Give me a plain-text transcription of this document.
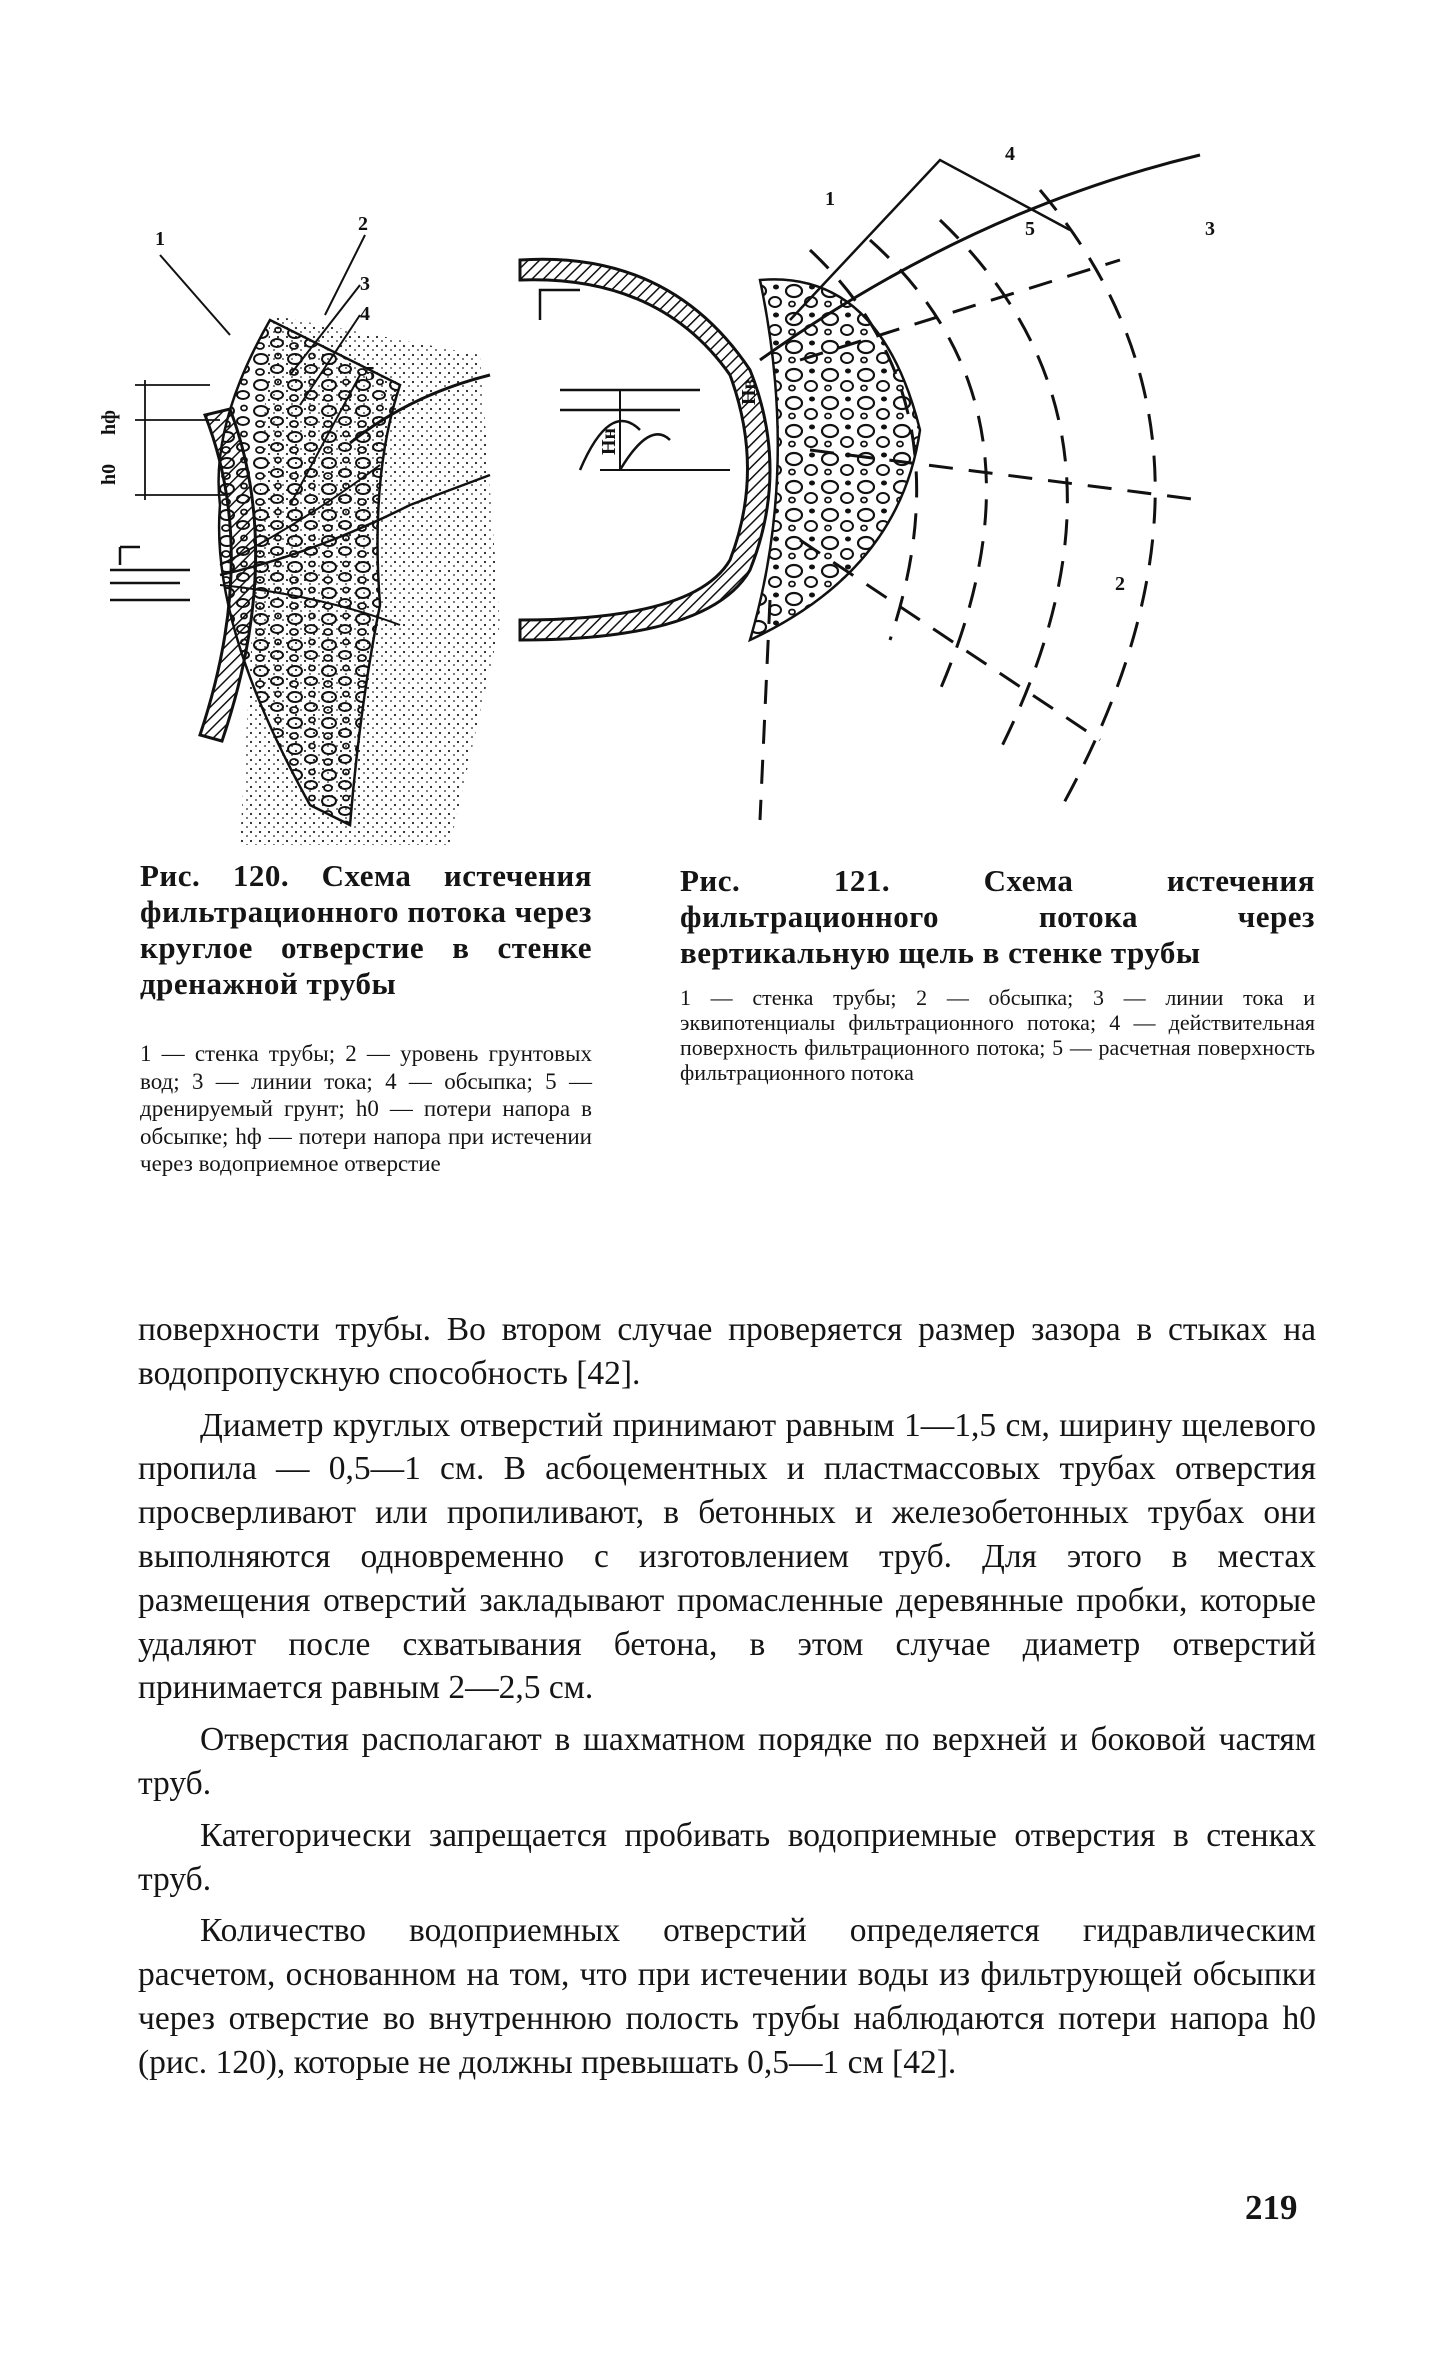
1
2
3
4
5
hф
h0
1
Hв
Hн
4
5	3
2
Рис. 120. Схема истечения фильтрационного потока через круглое отверстие в стенке дренажной трубы
1 — стенка трубы; 2 — уровень грунтовых вод; 3 — линии тока; 4 — обсыпка; 5 — дренируемый грунт; h0 — потери напора в обсыпке; hф — потери напора при истечении через водоприемное отверстие
Рис. 121. Схема истечения фильтрационного потока через вертикальную щель в стенке трубы
1 — стенка трубы; 2 — обсыпка; 3 — линии тока и эквипотенциалы фильтрационного потока; 4 — действительная поверхность фильтрационного потока; 5 — расчетная поверхность фильтрационного потока

поверхности трубы. Во втором случае проверяется размер зазора в стыках на водопропускную способность [42].

Диаметр круглых отверстий принимают равным 1—1,5 см, ширину щелевого пропила — 0,5—1 см. В асбоцементных и пластмассовых трубах отверстия просверливают или пропиливают, в бетонных и железобетонных трубах они выполняются одновременно с изготовлением труб. Для этого в местах размещения отверстий закладывают промасленные деревянные пробки, которые удаляют после схватывания бетона, в этом случае диаметр отверстий принимается равным 2—2,5 см.

Отверстия располагают в шахматном порядке по верхней и боковой частям труб.

Категорически запрещается пробивать водоприемные отверстия в стенках труб.

Количество водоприемных отверстий определяется гидравлическим расчетом, основанном на том, что при истечении воды из фильтрующей обсыпки через отверстие во внутреннюю полость трубы наблюдаются потери напора h0 (рис. 120), которые не должны превышать 0,5—1 см [42].

219
